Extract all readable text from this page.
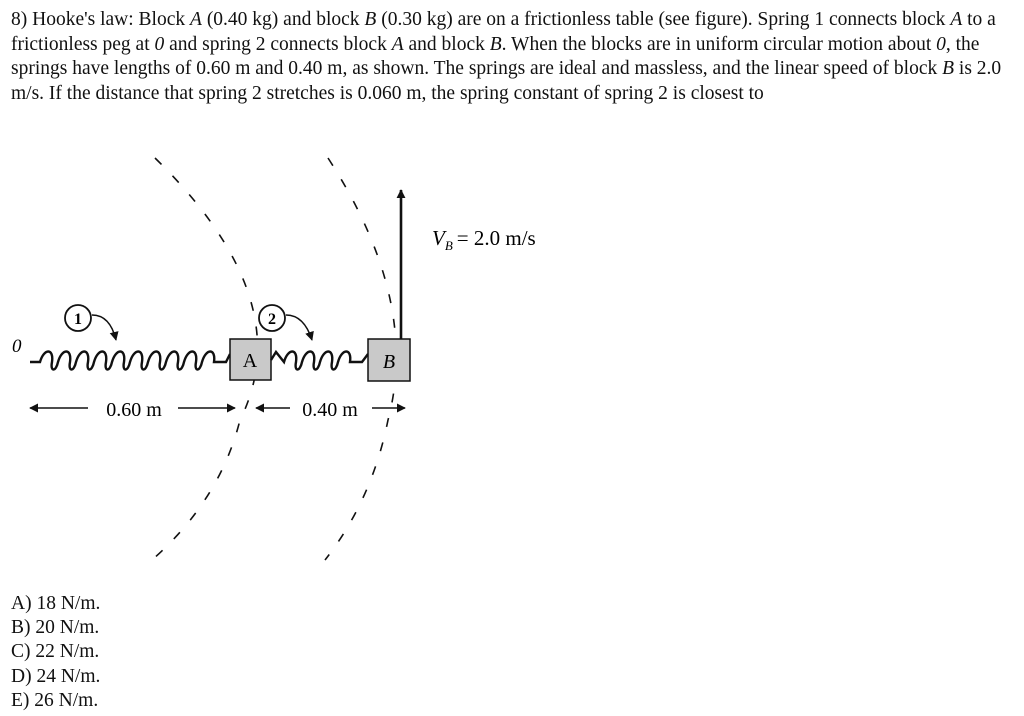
8) Hooke's law: Block A (0.40 kg) and block B (0.30 kg) are on a frictionless table (see figure). Spring 1 connects block A to a frictionless peg at 0 and spring 2 connects block A and block B. When the blocks are in uniform circular motion about 0, the springs have lengths of 0.60 m and 0.40 m, as shown. The springs are ideal and massless, and the linear speed of block B is 2.0 m/s. If the distance that spring 2 stretches is 0.060 m, the spring constant of spring 2 is closest to
0
A	B
$V_B = 2.0$ m/s
1	2
0.60 m	0.40 m
A) 18 N/m.
B) 20 N/m.
C) 22 N/m.
D) 24 N/m.
E) 26 N/m.
